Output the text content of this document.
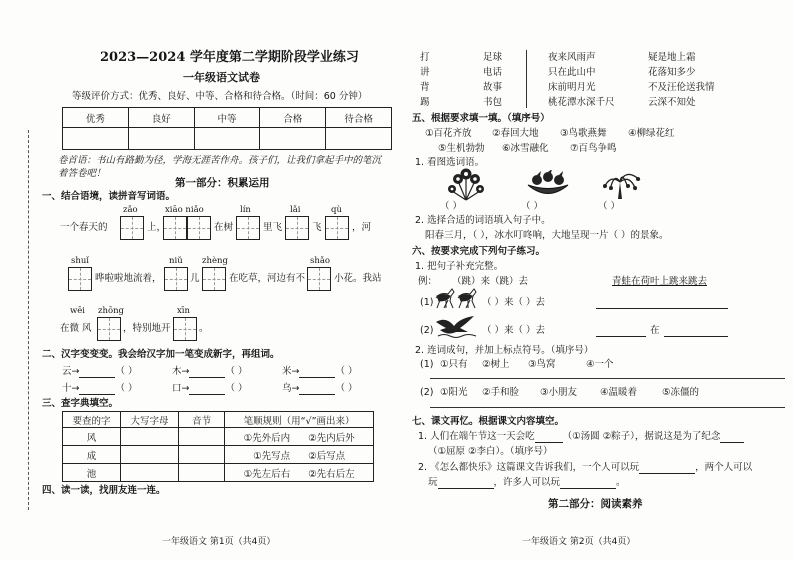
2023—2024 学年度第二学期阶段学业练习
一年级语文试卷
等级评价方式：优秀、良好、中等、合格和待合格。（时间：60 分钟）
优秀	良好	中等	合格	待合格

卷首语：书山有路勤为径，学海无涯苦作舟。孩子们，让我们拿起手中的笔沉
着答卷吧！
第一部分：积累运用
一、结合语境，读拼音写词语。
一个春天的
zǎo
上，
xiāo niǎo
在树
lín
里飞
lǎi
飞
qù
，河
shuǐ
哗啦啦地流着，
niǔ
儿
zhèng
在吃草，河边有不
shǎo
小花。我站
wēi zhōng
在微 风	，特别地开
xīn
。
二、汉字变变变。我会给汉字加一笔变成新字，再组词。
云→	（ ）	木→	（ ）	米→	（ ）
十→	（ ）	口→	（ ）	乌→	（ ）
三、查字典填空。
要查的字	大写字母	音节	笔顺规则（用“√”画出来）
风			①先外后内 ②先内后外
成			①先写点 ②后写点
池			①先左后右 ②先右后左
四、读一读，找朋友连一连。
一年级语文 第1页（共4页）
打
讲
背
踢
足球
电话
故事
书包
夜来风雨声
只在此山中
床前明月光
桃花潭水深千尺
疑是地上霜
花落知多少
不及汪伦送我情
云深不知处
五、根据要求填一填。（填序号）
①百花齐放 ②春回大地 ③鸟歌燕舞 ④柳绿花红
⑤生机勃勃 ⑥冰雪融化 ⑦百鸟争鸣
1. 看图选词语。
（ ）	（ ）	（ ）
2. 选择合适的词语填入句子中。
阳春三月，（ ），冰水叮咚响，大地呈现一片（ ）的景象。
六、按要求完成下列句子练习。
1. 把句子补充完整。
例： （跳）来（跳）去	青蛙在荷叶上跳来跳去
(1)	（ ）来（ ）去
(2)	（ ）来（ ）去	在
2. 连词成句，并加上标点符号。（填序号）
(1) ①只有 ②树上 ③鸟窝	④一个
(2) ①阳光 ②手和脸 ③小朋友 ④温暖着	⑤冻僵的
七、课文再忆。根据课文内容填空。
1. 人们在端午节这一天会吃	（①汤圆 ②粽子），据说这是为了纪念
（①屈原 ②李白）。（填序号）
2. 《怎么都快乐》这篇课文告诉我们，一个人可以玩	，两个人可以
玩	，许多人可以玩	。
第二部分：阅读素养
一年级语文 第2页（共4页）
